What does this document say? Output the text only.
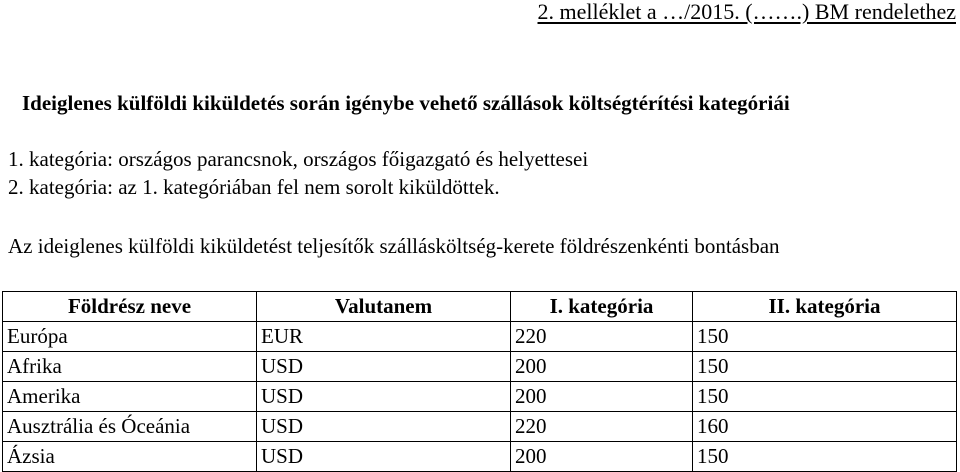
2. melléklet a …/2015. (…….) BM rendelethez
Ideiglenes külföldi kiküldetés során igénybe vehető szállások költségtérítési kategóriái
1. kategória: országos parancsnok, országos főigazgató és helyettesei
2. kategória: az 1. kategóriában fel nem sorolt kiküldöttek.
Az ideiglenes külföldi kiküldetést teljesítők szállásköltség-kerete földrészenkénti bontásban
Földrész neve	Valutanem	I. kategória	II. kategória
Európa	EUR	220	150
Afrika	USD	200	150
Amerika	USD	200	150
Ausztrália és Óceánia	USD	220	160
Ázsia	USD	200	150
